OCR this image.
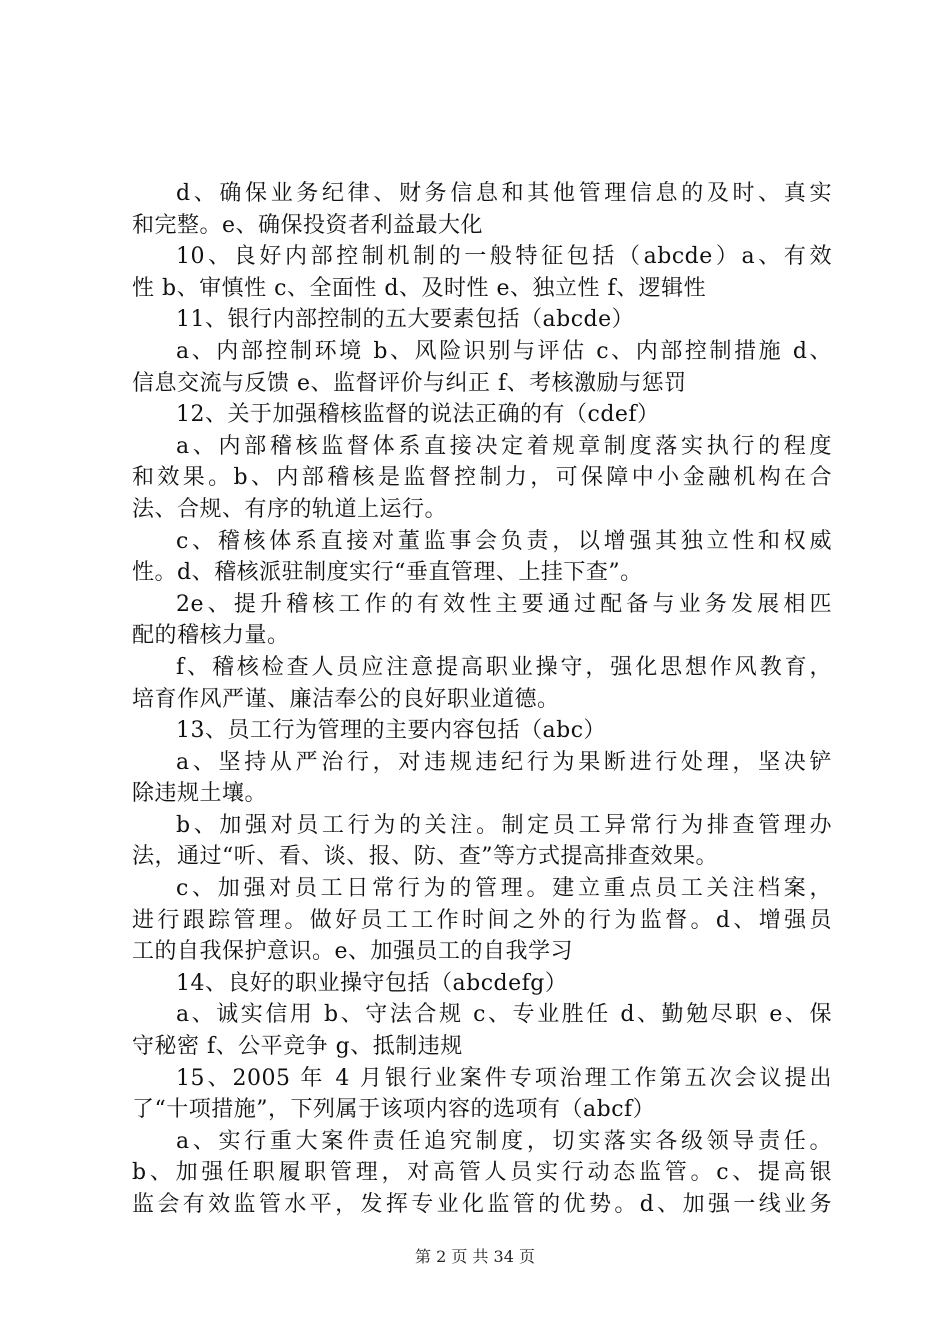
d、确保业务纪律、财务信息和其他管理信息的及时、真实
和完整。e、确保投资者利益最大化
10、良好内部控制机制的一般特征包括（abcde）a、有效
性 b、审慎性 c、全面性 d、及时性 e、独立性 f、逻辑性
11、银行内部控制的五大要素包括（abcde）
a、内部控制环境 b、风险识别与评估 c、内部控制措施 d、
信息交流与反馈 e、监督评价与纠正 f、考核激励与惩罚
12、关于加强稽核监督的说法正确的有（cdef）
a、内部稽核监督体系直接决定着规章制度落实执行的程度
和效果。b、内部稽核是监督控制力，可保障中小金融机构在合
法、合规、有序的轨道上运行。
c、稽核体系直接对董监事会负责，以增强其独立性和权威
性。d、稽核派驻制度实行“垂直管理、上挂下查”。
2e、提升稽核工作的有效性主要通过配备与业务发展相匹
配的稽核力量。
f、稽核检查人员应注意提高职业操守，强化思想作风教育，
培育作风严谨、廉洁奉公的良好职业道德。
13、员工行为管理的主要内容包括（abc）
a、坚持从严治行，对违规违纪行为果断进行处理，坚决铲
除违规土壤。
b、加强对员工行为的关注。制定员工异常行为排查管理办
法，通过“听、看、谈、报、防、查”等方式提高排查效果。
c、加强对员工日常行为的管理。建立重点员工关注档案，
进行跟踪管理。做好员工工作时间之外的行为监督。d、增强员
工的自我保护意识。e、加强员工的自我学习
14、良好的职业操守包括（abcdefg）
a、诚实信用 b、守法合规 c、专业胜任 d、勤勉尽职 e、保
守秘密 f、公平竞争 g、抵制违规
15、2005 年 4 月银行业案件专项治理工作第五次会议提出
了“十项措施”，下列属于该项内容的选项有（abcf）
a、实行重大案件责任追究制度，切实落实各级领导责任。
b、加强任职履职管理，对高管人员实行动态监管。c、提高银
监会有效监管水平，发挥专业化监管的优势。d、加强一线业务
第 2 页 共 34 页
